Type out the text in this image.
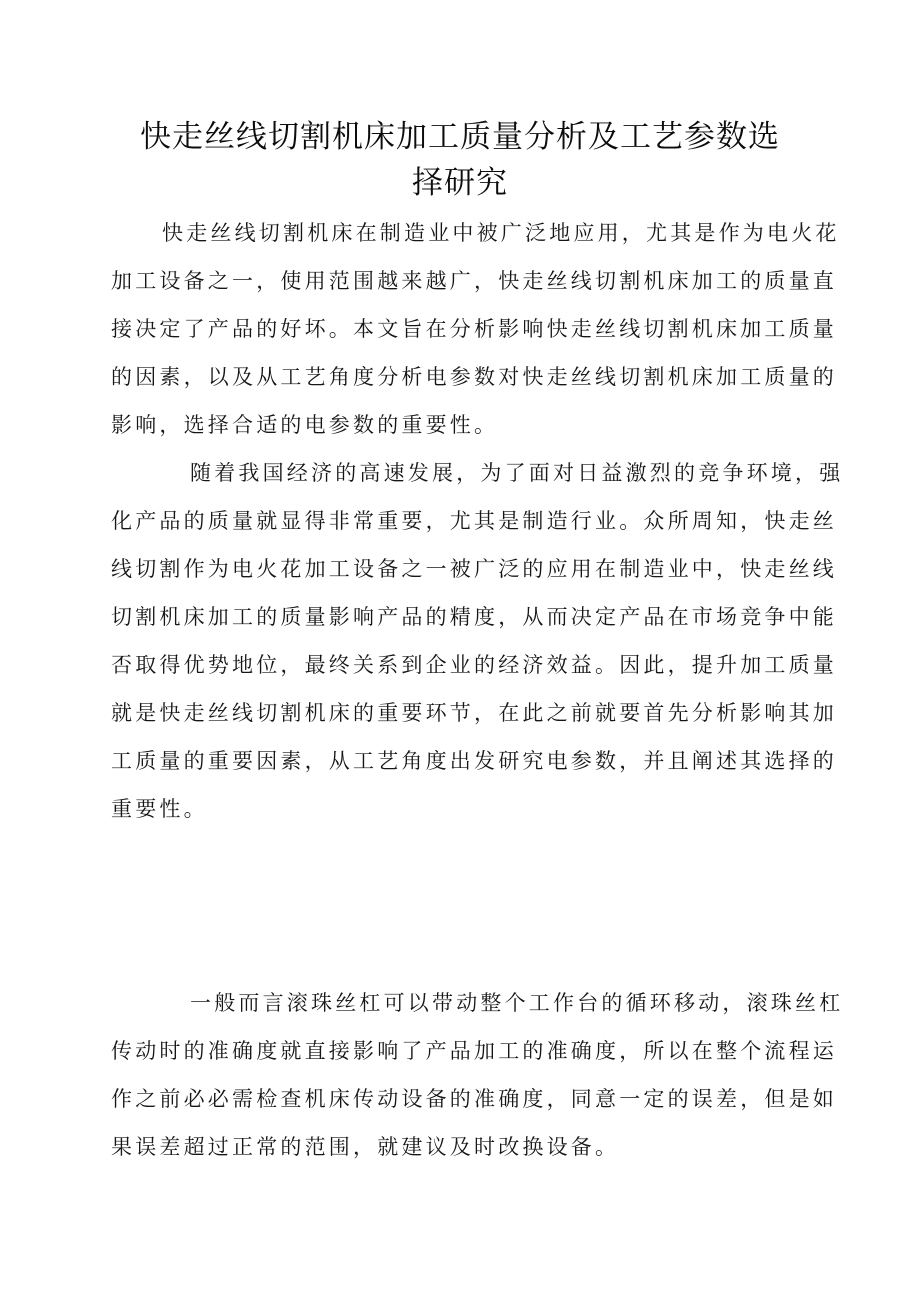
快走丝线切割机床加工质量分析及工艺参数选
择研究
快走丝线切割机床在制造业中被广泛地应用，尤其是作为电火花
加工设备之一，使用范围越来越广，快走丝线切割机床加工的质量直
接决定了产品的好坏。本文旨在分析影响快走丝线切割机床加工质量
的因素，以及从工艺角度分析电参数对快走丝线切割机床加工质量的
影响，选择合适的电参数的重要性。
随着我国经济的高速发展，为了面对日益激烈的竞争环境，强
化产品的质量就显得非常重要，尤其是制造行业。众所周知，快走丝
线切割作为电火花加工设备之一被广泛的应用在制造业中，快走丝线
切割机床加工的质量影响产品的精度，从而决定产品在市场竞争中能
否取得优势地位，最终关系到企业的经济效益。因此，提升加工质量
就是快走丝线切割机床的重要环节，在此之前就要首先分析影响其加
工质量的重要因素，从工艺角度出发研究电参数，并且阐述其选择的
重要性。
一般而言滚珠丝杠可以带动整个工作台的循环移动，滚珠丝杠
传动时的准确度就直接影响了产品加工的准确度，所以在整个流程运
作之前必必需检查机床传动设备的准确度，同意一定的误差，但是如
果误差超过正常的范围，就建议及时改换设备。
